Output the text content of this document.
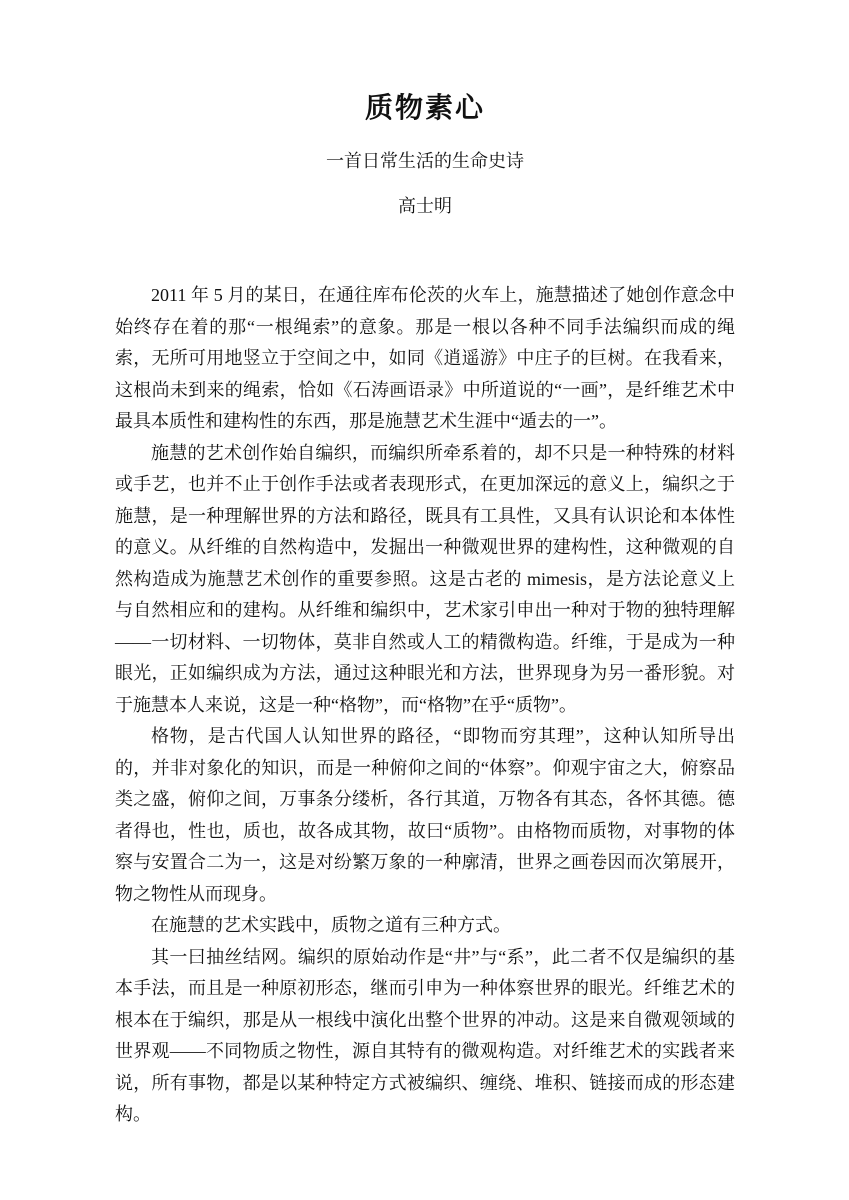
质物素心
一首日常生活的生命史诗
高士明

2011 年 5 月的某日，在通往库布伦茨的火车上，施慧描述了她创作意念中始终存在着的那“一根绳索”的意象。那是一根以各种不同手法编织而成的绳索，无所可用地竖立于空间之中，如同《逍遥游》中庄子的巨树。在我看来，这根尚未到来的绳索，恰如《石涛画语录》中所道说的“一画”，是纤维艺术中最具本质性和建构性的东西，那是施慧艺术生涯中“遁去的一”。

施慧的艺术创作始自编织，而编织所牵系着的，却不只是一种特殊的材料或手艺，也并不止于创作手法或者表现形式，在更加深远的意义上，编织之于施慧，是一种理解世界的方法和路径，既具有工具性，又具有认识论和本体性的意义。从纤维的自然构造中，发掘出一种微观世界的建构性，这种微观的自然构造成为施慧艺术创作的重要参照。这是古老的 mimesis，是方法论意义上与自然相应和的建构。从纤维和编织中，艺术家引申出一种对于物的独特理解——一切材料、一切物体，莫非自然或人工的精微构造。纤维，于是成为一种眼光，正如编织成为方法，通过这种眼光和方法，世界现身为另一番形貌。对于施慧本人来说，这是一种“格物”，而“格物”在乎“质物”。

格物，是古代国人认知世界的路径，“即物而穷其理”，这种认知所导出的，并非对象化的知识，而是一种俯仰之间的“体察”。仰观宇宙之大，俯察品类之盛，俯仰之间，万事条分缕析，各行其道，万物各有其态，各怀其德。德者得也，性也，质也，故各成其物，故曰“质物”。由格物而质物，对事物的体察与安置合二为一，这是对纷繁万象的一种廓清，世界之画卷因而次第展开，物之物性从而现身。

在施慧的艺术实践中，质物之道有三种方式。

其一曰抽丝结网。编织的原始动作是“井”与“系”，此二者不仅是编织的基本手法，而且是一种原初形态，继而引申为一种体察世界的眼光。纤维艺术的根本在于编织，那是从一根线中演化出整个世界的冲动。这是来自微观领域的世界观——不同物质之物性，源自其特有的微观构造。对纤维艺术的实践者来说，所有事物，都是以某种特定方式被编织、缠绕、堆积、链接而成的形态建构。
